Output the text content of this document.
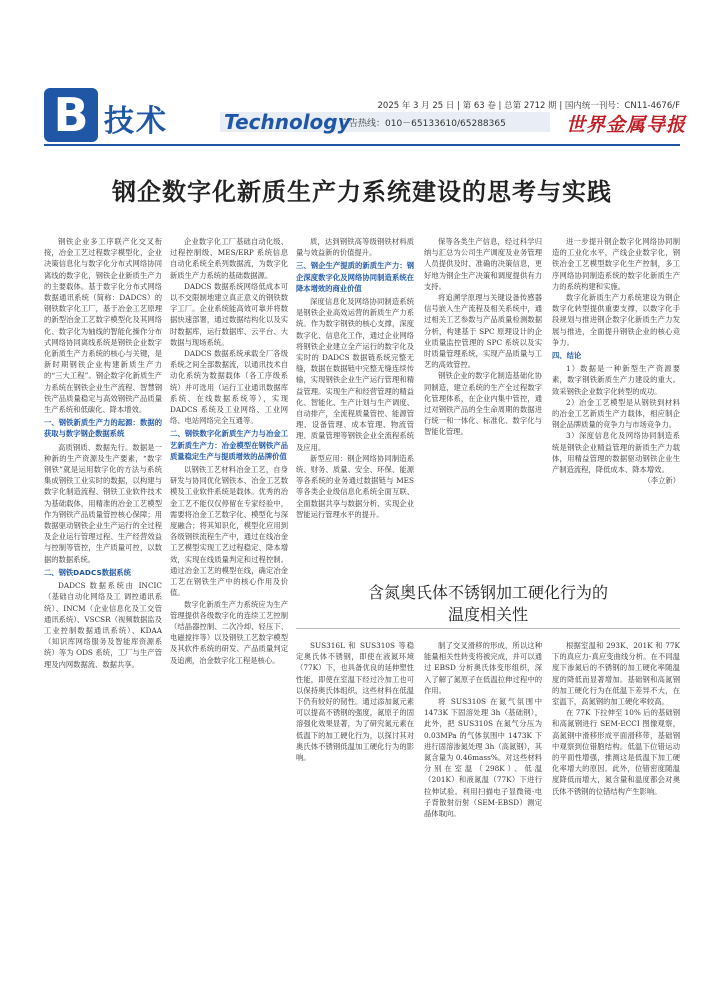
B 技术	2025 年 3 月 25 日 | 第 63 卷 | 总第 2712 期 | 国内统一刊号：CN11-4676/F
Technology
广告热线：010－65133610/65288365	世界金属导报
钢企数字化新质生产力系统建设的思考与实践

钢铁企业多工序联产化交叉衔接，冶金工艺过程数字模型化，企业决策信息化与数字化分布式网络协同离线的数字化，钢铁企业新质生产力的主要载体。基于数字化分布式网络数据通讯系统（简称：DADCS）的钢铁数字化工厂，基于冶金工艺原理的新型冶金工艺数字模型化及其网络化、数字化为轴线的智能化操作分布式网络协同离线系统是钢铁企业数字化新质生产力系统的核心与关键，是新时期钢铁企业构建新质生产力的“三大工程”。钢企数字化新质生产力系统在钢铁企业生产流程、智慧钢铁产品质量稳定与高效钢铁产品质量生产系统和低碳化、降本增效。

一、钢铁新质生产力的起源：数据的获取与数字钢企数据系统

高质钢质、数据先行。数据是一种新的生产资源及生产要素，“数字钢铁”就是运用数字化的方法与系统集成钢铁工业实时的数据，以构建与数字化制造流程、钢铁工业软件技术为基础载体，用精准的冶金工艺模型作为钢铁产品质量管控核心保障；用数据驱动钢铁企业生产运行的全过程及企业运行管理过程、生产经营效益与控制等管控，生产质量可控，以数据的数据系统。

二、钢铁DADCS数据系统

DADCS 数据系统由 INCIC（基础自动化网络及工 调控通讯系统）、INCM（企业信息化及工交管通讯系统）、VSCSR（视频数据监及工业控制数据通讯系统）、KDAA（知识库网络服务及智能库资源系统）等为 ODS 系统，工厂与生产管理及内网数据流、数据共享。

企业数字化工厂基础自动化级、过程控制级、MES/ERP 系统信息自动化系统全系列数据流，为数字化新质生产力系统的基础数据源。

DADCS 数据系统网络低成本可以不交限制地建立真正意义的钢铁数字工厂。企业系统能高效可靠并将数据快速部署，通过数据结构化以及实时数据库，运行数据库、云平台、大数据与现场系统。

DADCS 数据系统承载全厂各级系统之间全部数据流，以通讯技术自动化系统为数据载体（各工序级系统）并可选用（运行工业通讯数据库系统、在线数据系统等），实现 DADCS 系统及工业网络、工业网络、电站网络完全互通等。

二、钢铁数字化新质生产力与冶金工艺新质生产力：冶金模型在钢铁产品质量稳定生产与提质增效的品牌价值

以钢铁工艺材料冶金工艺，自身研发与协同优化钢铁本、冶金工艺数模及工业软件系统是载体。优秀的冶金工艺不能仅仅停留在专家经验中，需要将冶金工艺数字化、模型化与深度融合；将其知识化，模型化应用到各级钢铁流程生产中，通过在线冶金工艺模型实现工艺过程稳定、降本增效，实现在线质量判定和过程控制。通过冶金工艺的模型在线，确定冶金工艺在钢铁生产中的核心作用及价值。

数字化新质生产力系统应为生产管理提供各级数字化的连续工艺控制（结晶器控制、二次冷却、轻压下、电磁搅拌等）以及钢铁工艺数字模型及其软件系统的研发、产品质量判定及追溯，冶金数字化工程是核心。

质，达到钢铁高等级钢铁材料质量与效益新的价值提升。

三、钢企生产提质的新质生产力：钢企深度数字化及网络协同制造系统在降本增效的商业价值

深度信息化及网络协同制造系统是钢铁企业高效运营的新质生产力系统。作为数字钢铁的核心支撑，深度数字化、信息化工作，通过企业网络将钢铁企业建立全产运行的数字化及实时的 DADCS 数据链系统完整无缝，数据在数据链中完整无缝连续传输，实现钢铁企业生产运行管理和精益管理。实现生产和经营管理的精益化、智能化、生产计划与生产调度、自动排产，全流程质量管控、能源管理、设备管理、成本管理、物流管理、质量管理等钢铁企业全流程系统及应用。

新型应用：钢企网络协同制造系统、财务、质量、安全、环保、能源等各系统的业务通过数据链与 MES 等各类企业级信息化系统全面互联、全面数据共享与数据分析、实现企业智能运行管理水平的提升。

保等各类生产信息，经过科学归纳与汇总为公司生产调度及业务管理人员提供及时、准确的决策信息，更好地为钢企生产决策和调度提供有力支持。

将追溯学原理与关键设备传感器信号嵌入生产流程及相关系统中，通过相关工艺参数与产品质量检测数据分析，构建基于 SPC 原理设计的企业质量监控管理的 SPC 系统以及实时质量管理系统，实现产品质量与工艺的高效管控。

钢铁企业的数字化制造基础化协同制造，建立系统的生产全过程数字化管理体系，在企业内集中管控，通过对钢铁产品的全生命周期的数据进行统一和一体化、标准化、数字化与智能化管理。

进一步提升钢企数字化网络协同制造的工业化水平，产线企业数字化，钢铁冶金工艺模型数字化生产控制，多工序网络协同制造系统的数字化新质生产力的系统构建和实施。

数字化新质生产力系统建设为钢企数字化转型提供重要支撑，以数字化手段规划与推进钢企数字化新质生产力发展与推进，全面提升钢铁企业的核心竞争力。

四、结论

1）数据是一种新型生产资源要素，数字钢铁新质生产力建设的重大。致采钢铁企业数字化转型的成功。

2）冶金工艺模型是从钢铁到材料的冶金工艺新质生产力载体，相应制企钢企品牌质量的竞争力与市场竞争力。

3）深度信息化及网络协同制造系统是钢铁企业精益管理的新质生产力载体，用精益管理的数据驱动钢铁企业生产制造流程，降低成本、降本增效。

（李立新）

含氮奥氏体不锈钢加工硬化行为的
温度相关性

SUS316L 和 SUS310S 等稳定奥氏体不锈钢，即使在液氮环境（77K）下，也具备优良的延伸塑性性能，即使在室温下经过冷加工也可以保持奥氏体组织，这些材料在低温下仍有较好的韧性。通过添加氮元素可以提高不锈钢的强度，氮原子的固溶强化效果显著，为了研究氮元素在低温下的加工硬化行为，以探讨其对奥氏体不锈钢低温加工硬化行为的影响。

制了交叉滑移的形成，所以这种能量相关性转变将被完成，并可以通过 EBSD 分析奥氏体变形组织，深入了解了氮原子在低温拉伸过程中的作用。

将 SUS310S 在氮气氛围中 1473K 下固溶处理 3h（基础钢），此外，把 SUS310S 在氮气分压为 0.03MPa 的气体氛围中 1473K 下进行固溶渗氮处理 3h（高氮钢），其氮含量为 0.46mass%。对这些材料分别在室温（298K）、低温（201K）和液氮温（77K）下进行拉伸试验。利用扫描电子显微镜-电子背散射衍射（SEM-EBSD）测定晶体取向。

根据室温和 293K、201K 和 77K 下的真应力-真应变曲线分析。在不同温度下渗氮后的不锈钢的加工硬化率随温度的降低而显著增加。基础钢和高氮钢的加工硬化行为在低温下差异不大，在室温下，高氮钢的加工硬化率较高。

在 77K 下拉伸至 10% 后的基础钢和高氮钢进行 SEM-ECCI 图像观察，高氮钢中滑移形成平面滑移带，基础钢中观察到位错胞结构。低温下位错运动的平面性增强，推测这是低温下加工硬化率增大的原因。此外，位错密度随温度降低而增大，氮含量和温度都会对奥氏体不锈钢的位错结构产生影响。
